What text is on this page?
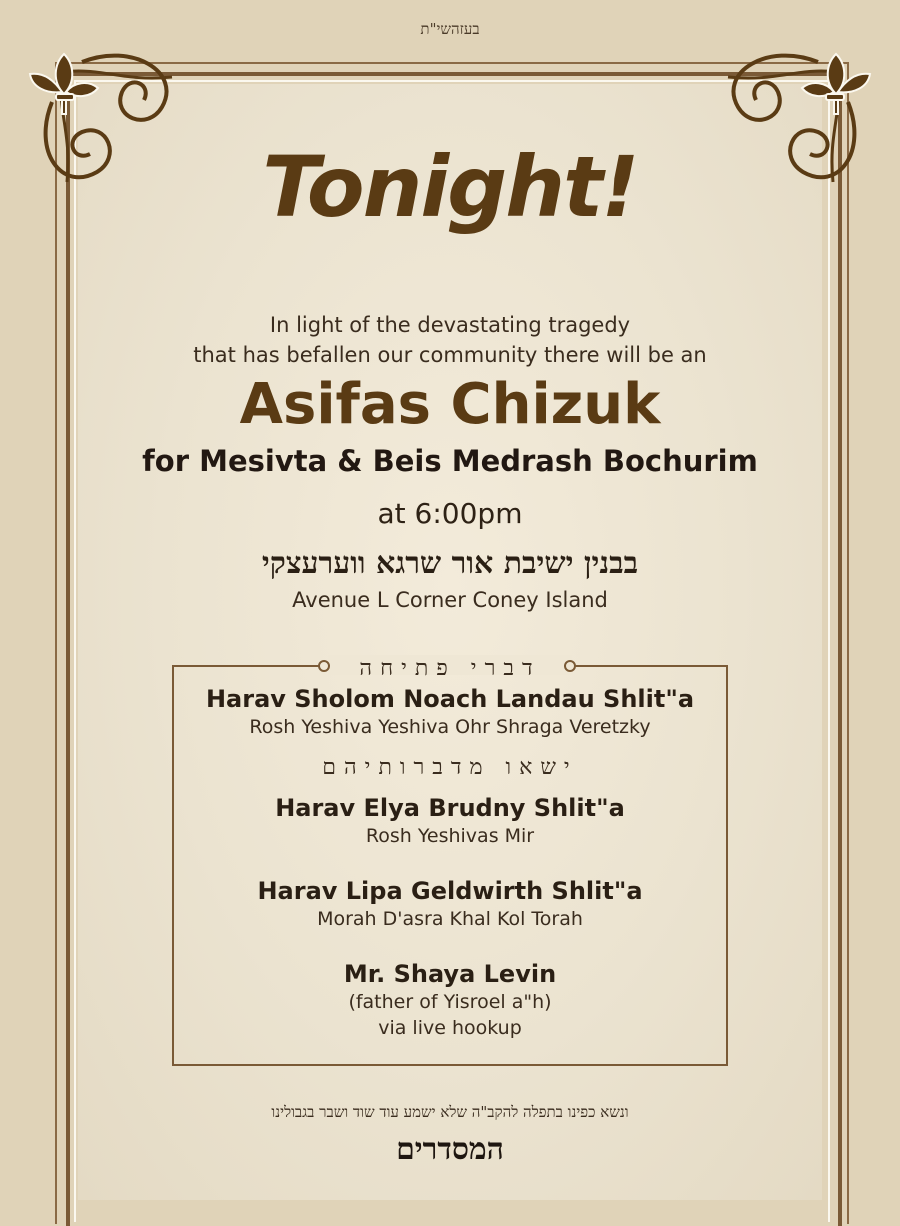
בעזהשי"ת
Tonight!
In light of the devastating tragedy
that has befallen our community there will be an
Asifas Chizuk
for Mesivta & Beis Medrash Bochurim
at 6:00pm
בבנין ישיבת אור שרגא ווערעצקי
Avenue L Corner Coney Island
דברי פתיחה
Harav Sholom Noach Landau Shlit"a
Rosh Yeshiva Yeshiva Ohr Shraga Veretzky
ישאו מדברותיהם
Harav Elya Brudny Shlit"a
Rosh Yeshivas Mir
Harav Lipa Geldwirth Shlit"a
Morah D'asra Khal Kol Torah
Mr. Shaya Levin
(father of Yisroel a"h)
via live hookup
ונשא כפינו בתפלה להקב"ה שלא ישמע עוד שוד ושבר בגבולינו
המסדרים
